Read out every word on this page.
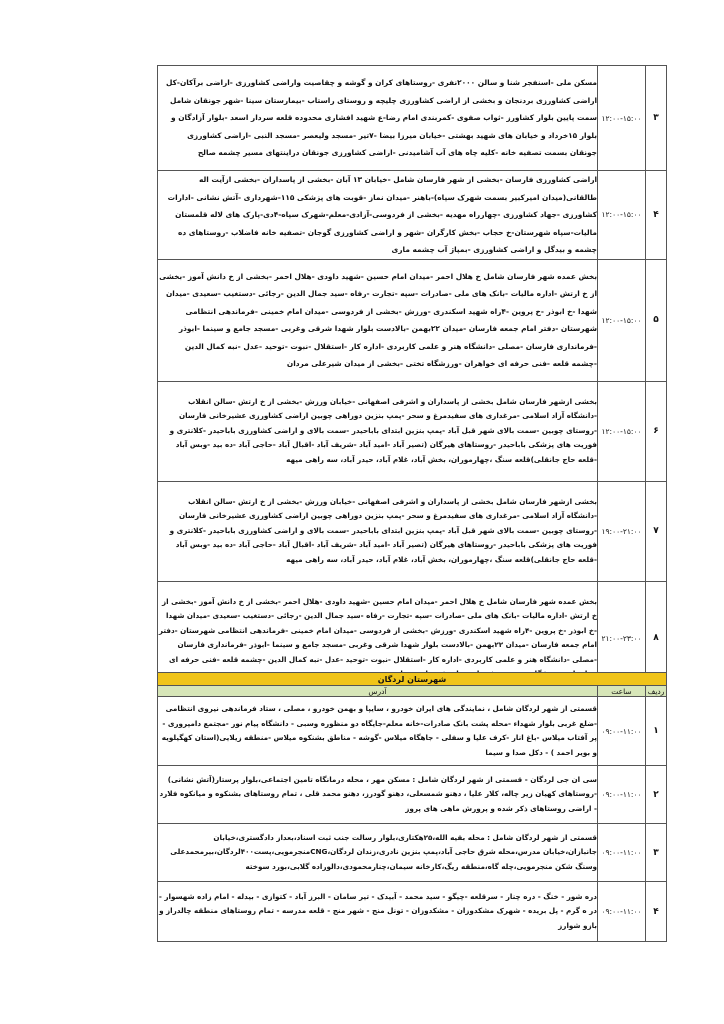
۳	۱۲:۰۰-۱۵:۰۰	مسکن ملی -اسنفجر شنا و سالن ۲۰۰۰نفری -روستاهای کران و گوشه و چقاصیت واراضی کشاورزی -اراضی برآکان-کل اراضی کشاورزی بردنجان و بخشی از اراضی کشاورزی چلیچه و روستای راستاب -بیمارستان سینا -شهر جونقان شامل سمت پایین بلوار کشاورز -ثواب صفوی -کمربندی امام رضا-ع شهید افشاری محدوده قلعه سردار اسعد -بلوار آزادگان و بلوار ۱۵خرداد و خیابان های شهید بهشتی -خیابان میرزا بیضا -۷تیر -مسجد ولیعصر -مسجد النبی -اراضی کشاورزی جونقان بسمت تصفیه خانه -کلیه چاه های آب آشامیدنی -اراضی کشاورزی جونقان دراینتهای مسیر چشمه صالح
۴	۱۲:۰۰-۱۵:۰۰	اراضی کشاورزی فارسان -بخشی از شهر فارسان شامل -خیابان ۱۳ آبان -بخشی از پاسداران -بخشی ازآیت اله طالقانی(میدان امیرکبیر بسمت شهرک سپاه)-باهنر -میدان نماز -قوبت های پزشکی ۱۱۵-شهرداری -آتش نشانی -ادارات کشاورزی -جهاد کشاورزی -چهارراه مهدیه -بخشی از فردوسی-آزادی-معلم-شهرک سپاه-۴دی-پارک های لاله قلمستان مالیات-سپاه شهرستان-خ حجاب -بخش کارگران -شهر و اراضی کشاورزی گوجان -تصفیه خانه فاضلاب -روستاهای ده چشمه و بیدگل و اراضی کشاورزی -بمپاژ آب چشمه ماری
۵	۱۲:۰۰-۱۵:۰۰	بخش عمده شهر فارسان شامل خ هلال احمر -میدان امام حسین -شهید داودی -هلال احمر -بخشی از خ دانش آموز -بخشی از خ ارتش -اداره مالیات -بانک های ملی -صادرات -سپه -تجارت -رفاه -سید جمال الدین -رجائی -دستغیب -سعیدی -میدان شهدا -خ ابوذر -خ پروین -۴راه شهید اسکندری -ورزش -بخشی از فردوسی -میدان امام خمینی -فرماندهی انتظامی شهرستان -دفتر امام جمعه فارسان -میدان ۲۲بهمن -بالادست بلوار شهدا شرقی وغربی -مسجد جامع و سینما -ابوذر -فرمانداری فارسان -مصلی -دانشگاه هنر و علمی کاربردی -اداره کار -استقلال -نبوت -توحید -عدل -نبه کمال الدین -چشمه قلعه -فنی حرفه ای خواهران -ورزشگاه تختی -بخشی از میدان شیرعلی مردان
۶	۱۲:۰۰-۱۵:۰۰	بخشی ازشهر فارسان شامل بخشی از پاسداران و اشرفی اصفهانی -خیابان ورزش -بخشی از خ ارتش -سالن انقلاب -دانشگاه آزاد اسلامی -مرغداری های سفیدمرغ و سحر -پمپ بنزین دوراهی چوبین اراضی کشاورزی عشیرخانی فارسان -روستای چوبین -سمت بالای شهر قبل آباد -پمپ بنزین ابتدای باباحیدر -سمت بالای و اراضی کشاورزی باباحیدر -کلانتری و فوریت های پزشکی باباحیدر -روستاهای هیرگان (تصیر آباد -امید آباد -شریف آباد -اقبال آباد -حاجی آباد -ده بید -وبس آباد -قلعه حاج جانقلی)قلعه سنگ ،چهارموران، بخش آباد، غلام آباد، حیدر آباد، سه راهی میهه
۷	۱۹:۰۰-۲۱:۰۰	بخشی ازشهر فارسان شامل بخشی از پاسداران و اشرفی اصفهانی -خیابان ورزش -بخشی از خ ارتش -سالن انقلاب -دانشگاه آزاد اسلامی -مرغداری های سفیدمرغ و سحر -پمپ بنزین دوراهی چوبین اراضی کشاورزی عشیرخانی فارسان -روستای چوبین -سمت بالای شهر قبل آباد -پمپ بنزین ابتدای باباحیدر -سمت بالای و اراضی کشاورزی باباحیدر -کلانتری و فوریت های پزشکی باباحیدر -روستاهای هیرگان (تصیر آباد -امید آباد -شریف آباد -اقبال آباد -حاجی آباد -ده بید -وبس آباد -قلعه حاج جانقلی)قلعه سنگ ،چهارموران، بخش آباد، غلام آباد، حیدر آباد، سه راهی میهه
۸	۲۱:۰۰-۲۳:۰۰	بخش عمده شهر فارسان شامل خ هلال احمر -میدان امام حسین -شهید داودی -هلال احمر -بخشی از خ دانش آموز -بخشی از خ ارتش -اداره مالیات -بانک های ملی -صادرات -سپه -تجارت -رفاه -سید جمال الدین -رجائی -دستغیب -سعیدی -میدان شهدا -خ ابوذر -خ پروین -۴راه شهید اسکندری -ورزش -بخشی از فردوسی -میدان امام خمینی -فرماندهی انتظامی شهرستان -دفتر امام جمعه فارسان -میدان ۲۲بهمن -بالادست بلوار شهدا شرقی وغربی -مسجد جامع و سینما -ابوذر -فرمانداری فارسان -مصلی -دانشگاه هنر و علمی کاربردی -اداره کار -استقلال -نبوت -توحید -عدل -نبه کمال الدین -چشمه قلعه -فنی حرفه ای
شهرستان لردگان		
ردیف	ساعت	آدرس
۱	۰۹:۰۰-۱۱:۰۰	قسمتی از شهر لردگان شامل ، نمایندگی های ایران خودرو ، سایپا و بهمن خودرو ، مصلی ، ستاد فرماندهی نیروی انتظامی -ضلع غربی بلوار شهداء -محله پشت بانک صادرات-خانه معلم-جایگاه دو منظوره وسبی - دانشگاه پیام نور -مجتمع دامپروری - پر آفتاب میلاس -باغ انار -کرف علیا و سفلی - جاهگاه میلاس -گوشه - مناطق بشنکوه میلاس -منطقه زیلایی(استان کهگیلویه و بویر احمد ) - دکل صدا و سیما
۲	۰۹:۰۰-۱۱:۰۰	سی ان جی لردگان - قسمتی از شهر لردگان شامل : مسکن مهر ، محله درمانگاه تامین اجتماعی،بلوار پرستار(آتش نشانی) -روستاهای کهیان زیر چاله، کلار علیا ، دهنو شمسعلی، دهنو گودرز، دهنو محمد قلی ، تمام روستاهای بشنکوه و میانکوه فلارد - اراضی روستاهای ذکر شده و پرورش ماهی های پروز
۳	۰۹:۰۰-۱۱:۰۰	قسمتی از شهر لردگان شامل : محله بقیه الله،۲۵هکتاری،بلوار رسالت جنب ثبت اسناد،بعداز دادگستری،خیابان جانبازان،خیابان مدرس،محله شرق حاجی آباد،پمپ بنزین نادری،زندان لردگان،CNGمنجرمویی،پست۴۰۰لردگان،بیرمحمدعلی وسنگ شکن منجرمویی،چله گاه،منطقه ریگ،کارخانه سیمان،چنارمحمودی،دالوراده گلابی،بورد سوخته
۴	۰۹:۰۰-۱۱:۰۰	دره شور - خنگ - دره چنار - سرقلعه -چیگو - سید محمد - آبیدک - تیر سامان - البرز آباد - کتوازی - بیدله - امام زاده شهسوار - در ه گرم - پل بریده - شهرک مشکدوزان - مشکدوزان - تونل منج - شهر منج - قلعه مدرسه - تمام روستاهای منطقه چالدراز و بازو شوارز
